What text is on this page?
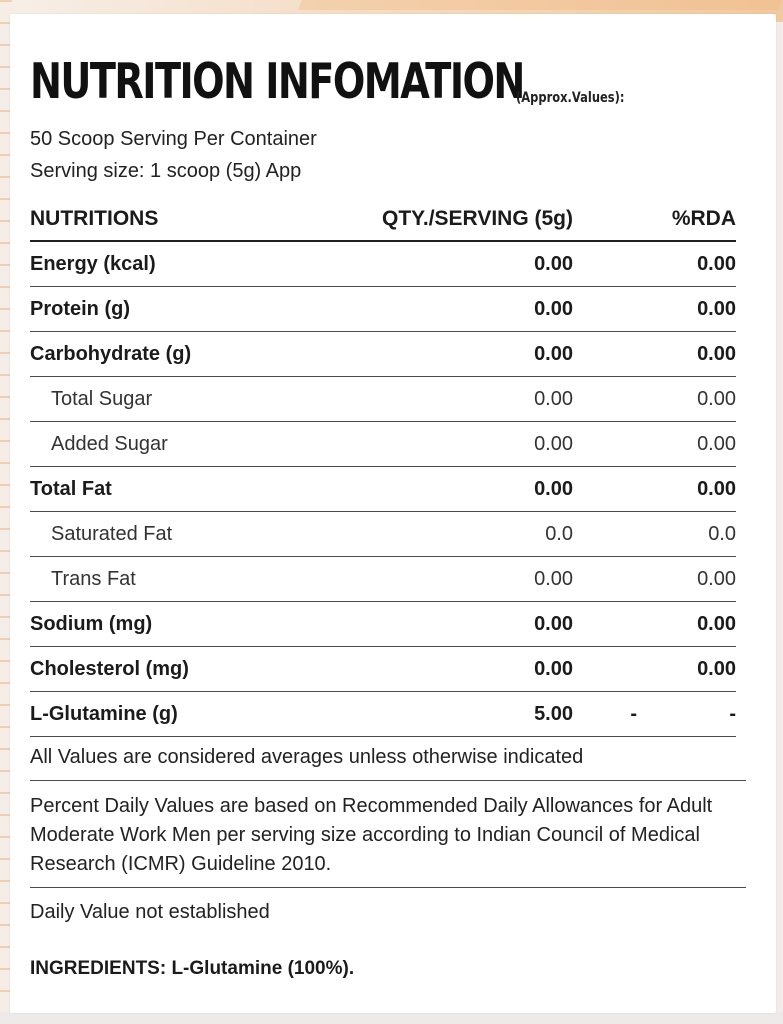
NUTRITION INFOMATION
(Approx.Values):
50 Scoop Serving Per Container
Serving size: 1 scoop (5g) App
NUTRITIONS	QTY./SERVING (5g)	%RDA
Energy (kcal)	0.00	0.00
Protein (g)	0.00	0.00
Carbohydrate (g)	0.00	0.00
Total Sugar	0.00	0.00
Added Sugar	0.00	0.00
Total Fat	0.00	0.00
Saturated Fat	0.0	0.0
Trans Fat	0.00	0.00
Sodium (mg)	0.00	0.00
Cholesterol (mg)	0.00	0.00
L-Glutamine (g)	5.00	-	-
All Values are considered averages unless otherwise indicated
Percent Daily Values are based on Recommended Daily Allowances for Adult Moderate Work Men per serving size according to Indian Council of Medical Research (ICMR) Guideline 2010.
Daily Value not established
INGREDIENTS: L-Glutamine (100%).
